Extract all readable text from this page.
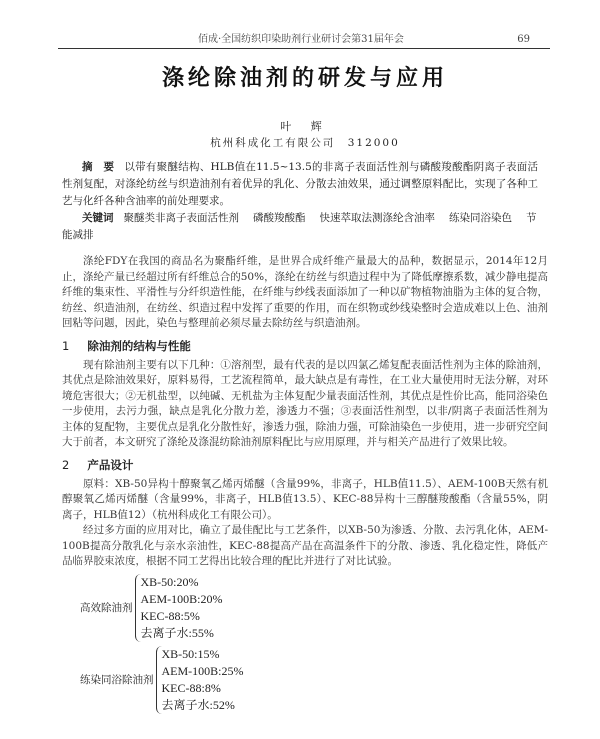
佰成·全国纺织印染助剂行业研讨会第31届年会	69
涤纶除油剂的研发与应用
叶 辉
杭州科成化工有限公司　312000
摘　要 以带有聚醚结构、HLB值在11.5~13.5的非离子表面活性剂与磷酸羧酸酯阴离子表面活性剂复配，对涤纶纺丝与织造油剂有着优异的乳化、分散去油效果，通过调整原料配比，实现了各种工艺与化纤各种含油率的前处理要求。
关键词 聚醚类非离子表面活性剂 磷酸羧酸酯 快速萃取法测涤纶含油率 练染同浴染色 节能减排

涤纶FDY在我国的商品名为聚酯纤维，是世界合成纤维产量最大的品种，数据显示，2014年12月止，涤纶产量已经超过所有纤维总合的50%，涤纶在纺丝与织造过程中为了降低摩擦系数，减少静电提高纤维的集束性、平滑性与分纤织造性能，在纤维与纱线表面添加了一种以矿物植物油脂为主体的复合物，纺丝、织造油剂，在纺丝、织造过程中发挥了重要的作用，而在织物或纱线染整时会造成难以上色、油剂回粘等问题，因此，染色与整理前必须尽量去除纺丝与织造油剂。

1 除油剂的结构与性能

现有除油剂主要有以下几种：①溶剂型，最有代表的是以四氯乙烯复配表面活性剂为主体的除油剂，其优点是除油效果好，原料易得，工艺流程简单，最大缺点是有毒性，在工业大量使用时无法分解，对环境危害很大；②无机盐型，以纯碱、无机盐为主体复配少量表面活性剂，其优点是性价比高，能同浴染色一步使用，去污力强，缺点是乳化分散力差，渗透力不强；③表面活性剂型，以非/阴离子表面活性剂为主体的复配物，主要优点是乳化分散性好，渗透力强，除油力强，可除油染色一步使用，进一步研究空间大于前者，本文研究了涤纶及涤混纺除油剂原料配比与应用原理，并与相关产品进行了效果比较。

2 产品设计

原料：XB-50异构十醇聚氧乙烯丙烯醚（含量99%，非离子，HLB值11.5）、AEM-100B天然有机醇聚氧乙烯丙烯醚（含量99%，非离子，HLB值13.5）、KEC-88异构十三醇醚羧酸酯（含量55%，阴离子，HLB值12）（杭州科成化工有限公司）。

经过多方面的应用对比，确立了最佳配比与工艺条件，以XB-50为渗透、分散、去污乳化体，AEM-100B提高分散乳化与亲水亲油性，KEC-88提高产品在高温条件下的分散、渗透、乳化稳定性，降低产品临界胶束浓度，根据不同工艺得出比较合理的配比并进行了对比试验。

高效除油剂
XB-50:20%
AEM-100B:20%
KEC-88:5%
去离子水:55%
练染同浴除油剂
XB-50:15%
AEM-100B:25%
KEC-88:8%
去离子水:52%
